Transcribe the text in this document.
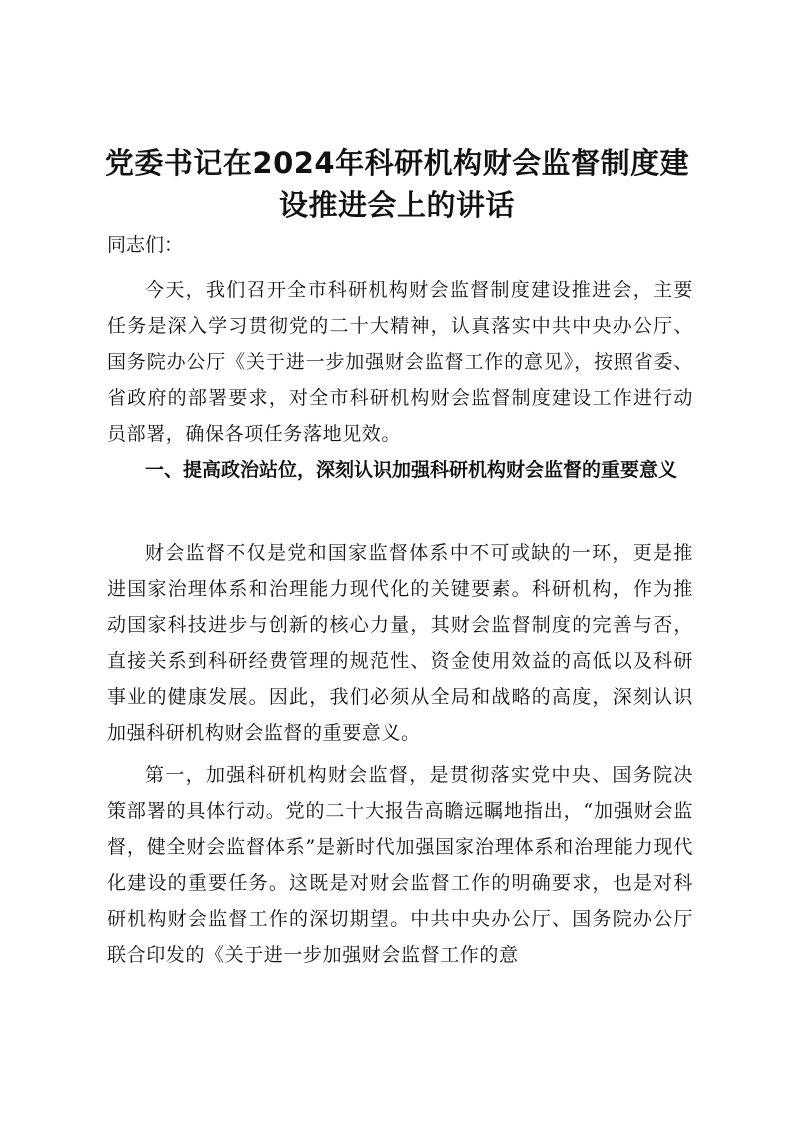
党委书记在2024年科研机构财会监督制度建
设推进会上的讲话

同志们：

今天，我们召开全市科研机构财会监督制度建设推进会，主要任务是深入学习贯彻党的二十大精神，认真落实中共中央办公厅、国务院办公厅《关于进一步加强财会监督工作的意见》，按照省委、省政府的部署要求，对全市科研机构财会监督制度建设工作进行动员部署，确保各项任务落地见效。

一、提高政治站位，深刻认识加强科研机构财会监督的重要意义

财会监督不仅是党和国家监督体系中不可或缺的一环，更是推进国家治理体系和治理能力现代化的关键要素。科研机构，作为推动国家科技进步与创新的核心力量，其财会监督制度的完善与否，直接关系到科研经费管理的规范性、资金使用效益的高低以及科研事业的健康发展。因此，我们必须从全局和战略的高度，深刻认识加强科研机构财会监督的重要意义。

第一，加强科研机构财会监督，是贯彻落实党中央、国务院决策部署的具体行动。党的二十大报告高瞻远瞩地指出，“加强财会监督，健全财会监督体系”是新时代加强国家治理体系和治理能力现代化建设的重要任务。这既是对财会监督工作的明确要求，也是对科研机构财会监督工作的深切期望。中共中央办公厅、国务院办公厅联合印发的《关于进一步加强财会监督工作的意
